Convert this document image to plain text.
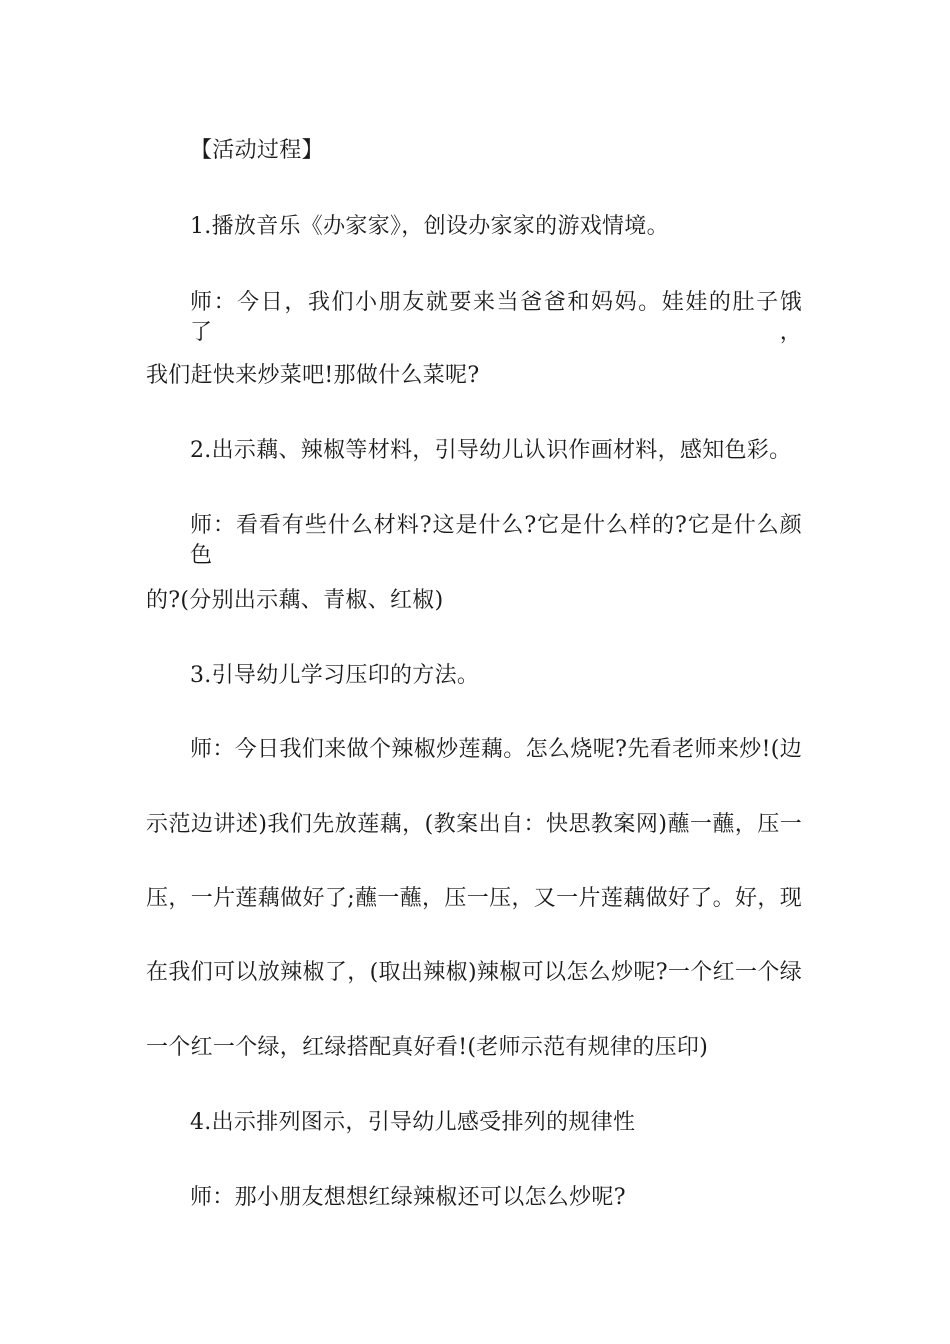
【活动过程】
1.播放音乐《办家家》，创设办家家的游戏情境。
师：今日，我们小朋友就要来当爸爸和妈妈。娃娃的肚子饿了，
我们赶快来炒菜吧!那做什么菜呢?
2.出示藕、辣椒等材料，引导幼儿认识作画材料，感知色彩。
师：看看有些什么材料?这是什么?它是什么样的?它是什么颜色
的?(分别出示藕、青椒、红椒)
3.引导幼儿学习压印的方法。
师：今日我们来做个辣椒炒莲藕。怎么烧呢?先看老师来炒!(边
示范边讲述)我们先放莲藕，(教案出自：快思教案网)蘸一蘸，压一
压，一片莲藕做好了;蘸一蘸，压一压，又一片莲藕做好了。好，现
在我们可以放辣椒了，(取出辣椒)辣椒可以怎么炒呢?一个红一个绿
一个红一个绿，红绿搭配真好看!(老师示范有规律的压印)
4.出示排列图示，引导幼儿感受排列的规律性
师：那小朋友想想红绿辣椒还可以怎么炒呢?
